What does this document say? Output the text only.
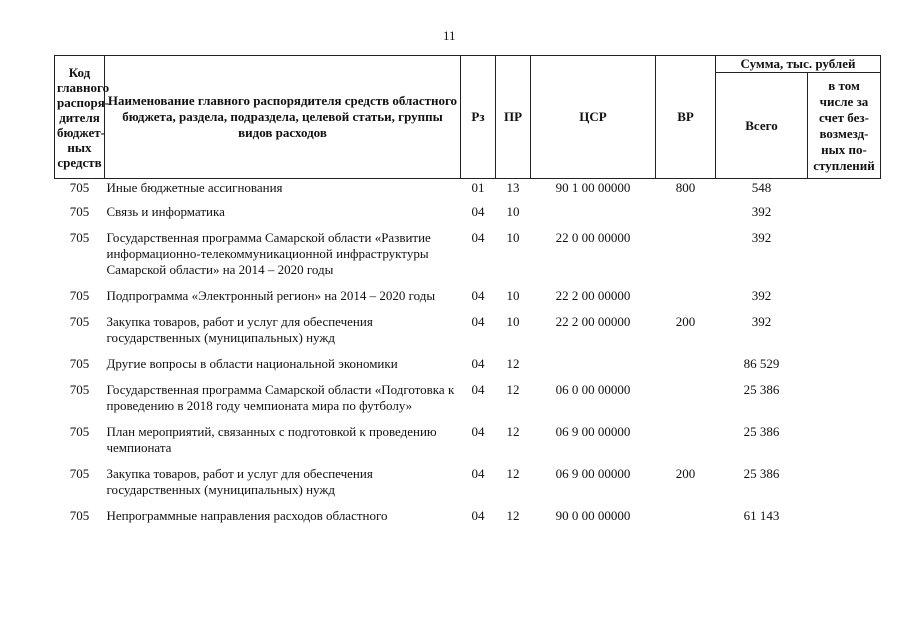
11
Код главного распоря-дителя бюджет-ных средств	Наименование главного распорядителя средств областного бюджета, раздела, подраздела, целевой статьи, группы видов расходов	Рз	ПР	ЦСР	ВР	Сумма, тыс. рублей	
						Всего	в том числе за счет без-возмезд-ных по-ступлений
705	Иные бюджетные ассигнования	01	13	90 1 00 00000	800	548	
705	Связь и информатика	04	10			392	
705	Государственная программа Самарской области «Развитие информационно-телекоммуникационной инфраструктуры Самарской области» на 2014 – 2020 годы	04	10	22 0 00 00000		392	
705	Подпрограмма «Электронный регион» на 2014 – 2020 годы	04	10	22 2 00 00000		392	
705	Закупка товаров, работ и услуг для обеспечения государственных (муниципальных) нужд	04	10	22 2 00 00000	200	392	
705	Другие вопросы в области национальной экономики	04	12			86 529	
705	Государственная программа Самарской области «Подготовка к проведению в 2018 году чемпионата мира по футболу»	04	12	06 0 00 00000		25 386	
705	План мероприятий, связанных с подготовкой к проведению чемпионата	04	12	06 9 00 00000		25 386	
705	Закупка товаров, работ и услуг для обеспечения государственных (муниципальных) нужд	04	12	06 9 00 00000	200	25 386	
705	Непрограммные направления расходов областного	04	12	90 0 00 00000		61 143	
